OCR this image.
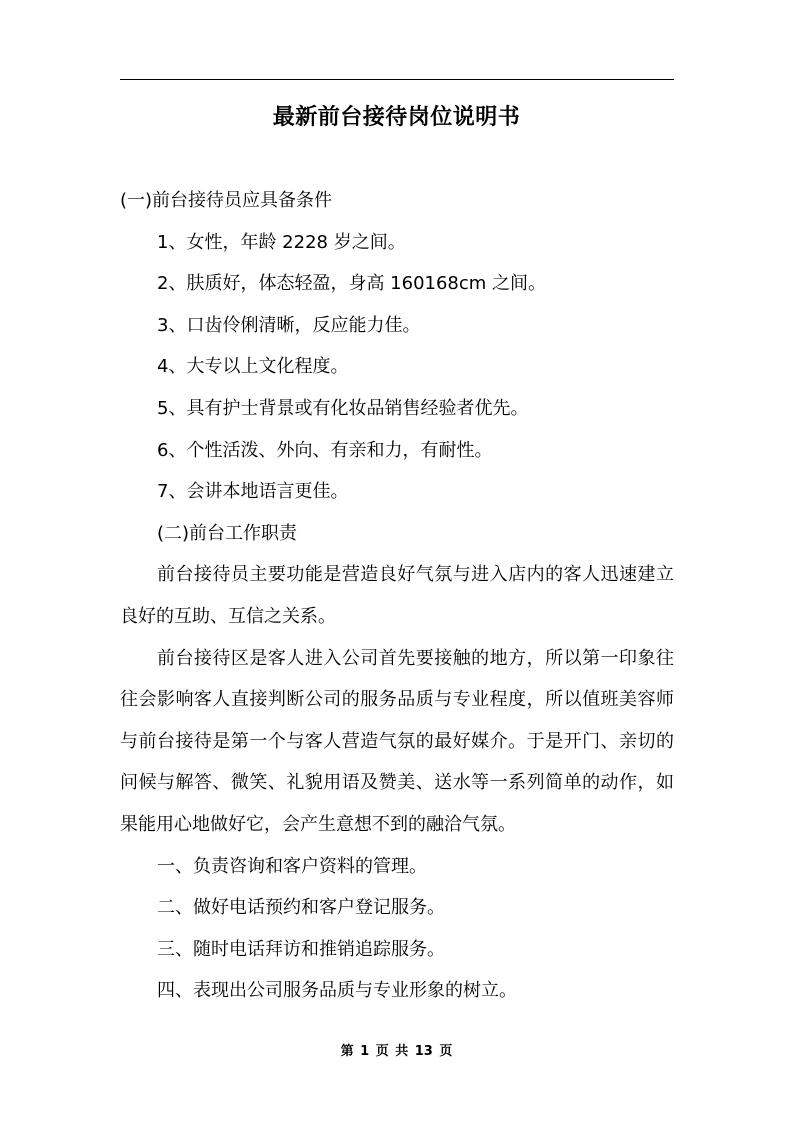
最新前台接待岗位说明书

(一)前台接待员应具备条件

1、女性，年龄 2228 岁之间。

2、肤质好，体态轻盈，身高 160168cm 之间。

3、口齿伶俐清晰，反应能力佳。

4、大专以上文化程度。

5、具有护士背景或有化妆品销售经验者优先。

6、个性活泼、外向、有亲和力，有耐性。

7、会讲本地语言更佳。

(二)前台工作职责

前台接待员主要功能是营造良好气氛与进入店内的客人迅速建立良好的互助、互信之关系。

前台接待区是客人进入公司首先要接触的地方，所以第一印象往往会影响客人直接判断公司的服务品质与专业程度，所以值班美容师与前台接待是第一个与客人营造气氛的最好媒介。于是开门、亲切的问候与解答、微笑、礼貌用语及赞美、送水等一系列简单的动作，如果能用心地做好它，会产生意想不到的融洽气氛。

一、负责咨询和客户资料的管理。

二、做好电话预约和客户登记服务。

三、随时电话拜访和推销追踪服务。

四、表现出公司服务品质与专业形象的树立。

第 1 页 共 13 页
